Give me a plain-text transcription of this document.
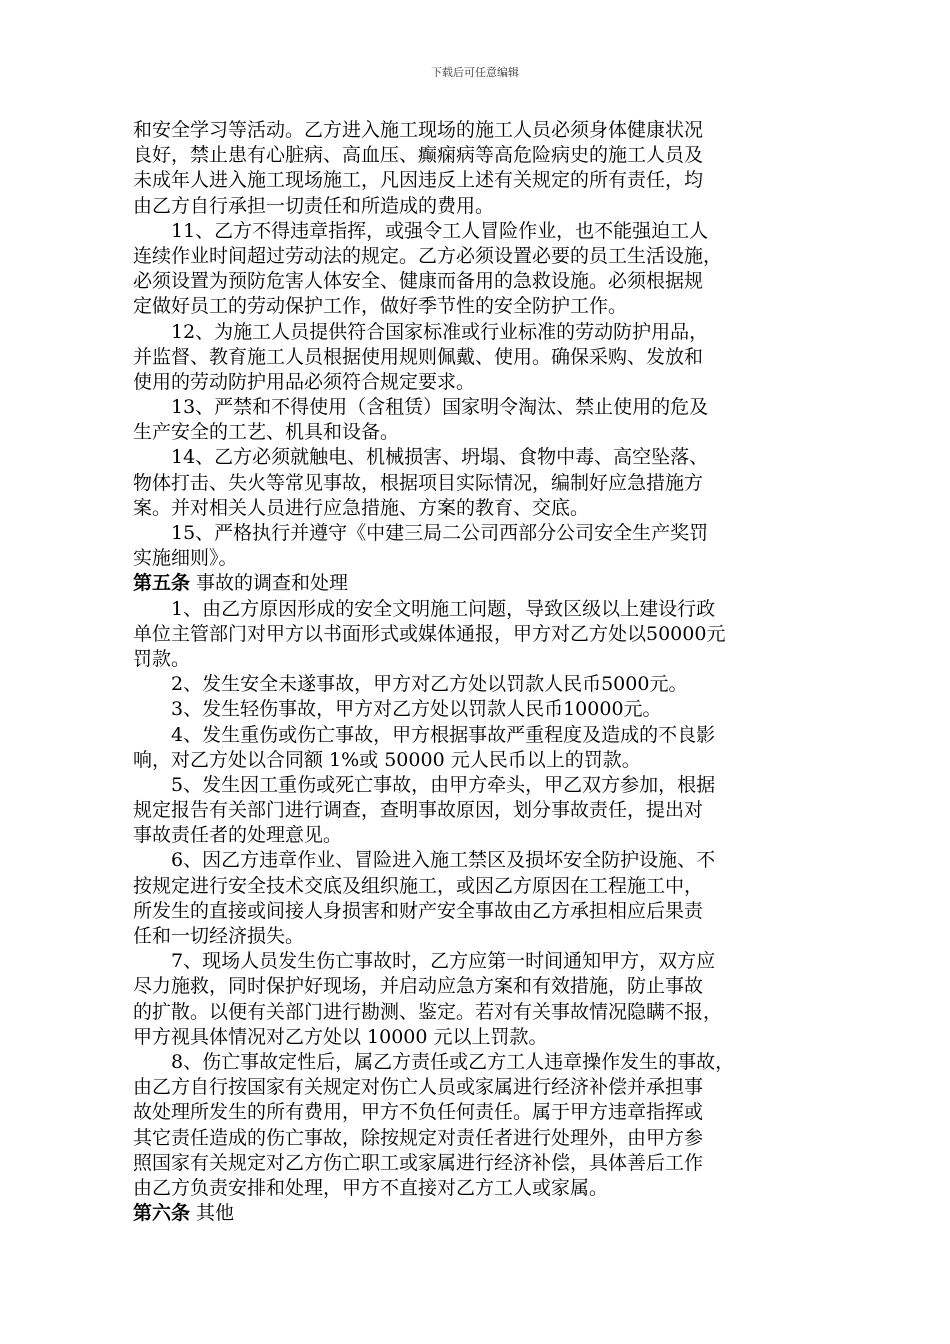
下载后可任意编辑
和安全学习等活动。乙方进入施工现场的施工人员必须身体健康状况
良好，禁止患有心脏病、高血压、癫痫病等高危险病史的施工人员及
未成年人进入施工现场施工，凡因违反上述有关规定的所有责任，均
由乙方自行承担一切责任和所造成的费用。
11、乙方不得违章指挥，或强令工人冒险作业，也不能强迫工人
连续作业时间超过劳动法的规定。乙方必须设置必要的员工生活设施，
必须设置为预防危害人体安全、健康而备用的急救设施。必须根据规
定做好员工的劳动保护工作，做好季节性的安全防护工作。
12、为施工人员提供符合国家标准或行业标准的劳动防护用品，
并监督、教育施工人员根据使用规则佩戴、使用。确保采购、发放和
使用的劳动防护用品必须符合规定要求。
13、严禁和不得使用（含租赁）国家明令淘汰、禁止使用的危及
生产安全的工艺、机具和设备。
14、乙方必须就触电、机械损害、坍塌、食物中毒、高空坠落、
物体打击、失火等常见事故，根据项目实际情况，编制好应急措施方
案。并对相关人员进行应急措施、方案的教育、交底。
15、严格执行并遵守《中建三局二公司西部分公司安全生产奖罚
实施细则》。
第五条 事故的调查和处理
1、由乙方原因形成的安全文明施工问题，导致区级以上建设行政
单位主管部门对甲方以书面形式或媒体通报，甲方对乙方处以50000元
罚款。
2、发生安全未遂事故，甲方对乙方处以罚款人民币5000元。
3、发生轻伤事故，甲方对乙方处以罚款人民币10000元。
4、发生重伤或伤亡事故，甲方根据事故严重程度及造成的不良影
响，对乙方处以合同额 1%或 50000 元人民币以上的罚款。
5、发生因工重伤或死亡事故，由甲方牵头，甲乙双方参加，根据
规定报告有关部门进行调查，查明事故原因，划分事故责任，提出对
事故责任者的处理意见。
6、因乙方违章作业、冒险进入施工禁区及损坏安全防护设施、不
按规定进行安全技术交底及组织施工，或因乙方原因在工程施工中，
所发生的直接或间接人身损害和财产安全事故由乙方承担相应后果责
任和一切经济损失。
7、现场人员发生伤亡事故时，乙方应第一时间通知甲方，双方应
尽力施救，同时保护好现场，并启动应急方案和有效措施，防止事故
的扩散。以便有关部门进行勘测、鉴定。若对有关事故情况隐瞒不报，
甲方视具体情况对乙方处以 10000 元以上罚款。
8、伤亡事故定性后，属乙方责任或乙方工人违章操作发生的事故，
由乙方自行按国家有关规定对伤亡人员或家属进行经济补偿并承担事
故处理所发生的所有费用，甲方不负任何责任。属于甲方违章指挥或
其它责任造成的伤亡事故，除按规定对责任者进行处理外，由甲方参
照国家有关规定对乙方伤亡职工或家属进行经济补偿，具体善后工作
由乙方负责安排和处理，甲方不直接对乙方工人或家属。
第六条 其他
